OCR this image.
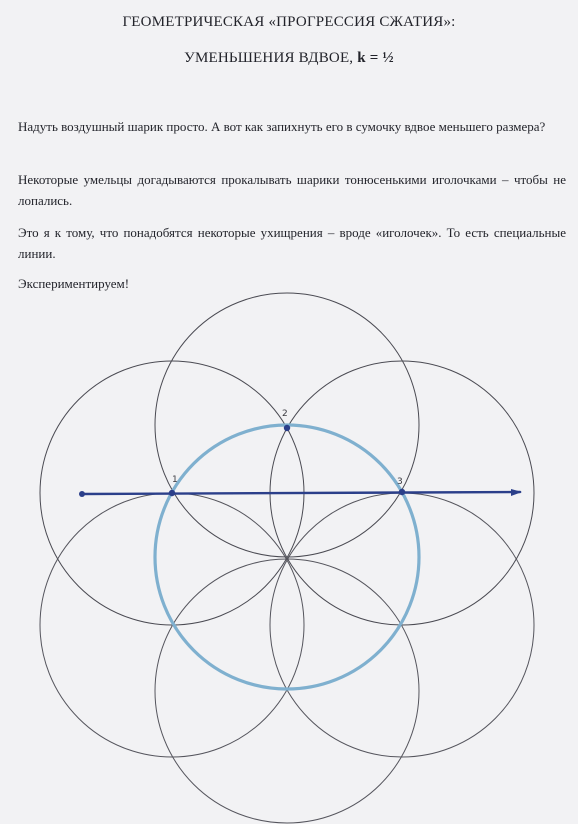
ГЕОМЕТРИЧЕСКАЯ «ПРОГРЕССИЯ СЖАТИЯ»:
УМЕНЬШЕНИЯ ВДВОЕ, k = ½
Надуть воздушный шарик просто. А вот как запихнуть его в сумочку вдвое меньшего размера?
Некоторые умельцы догадываются прокалывать шарики тонюсенькими иголочками – чтобы не лопались.
Это я к тому, что понадобятся некоторые ухищрения – вроде «иголочек». То есть специальные линии.
Экспериментируем!
1
2
3
